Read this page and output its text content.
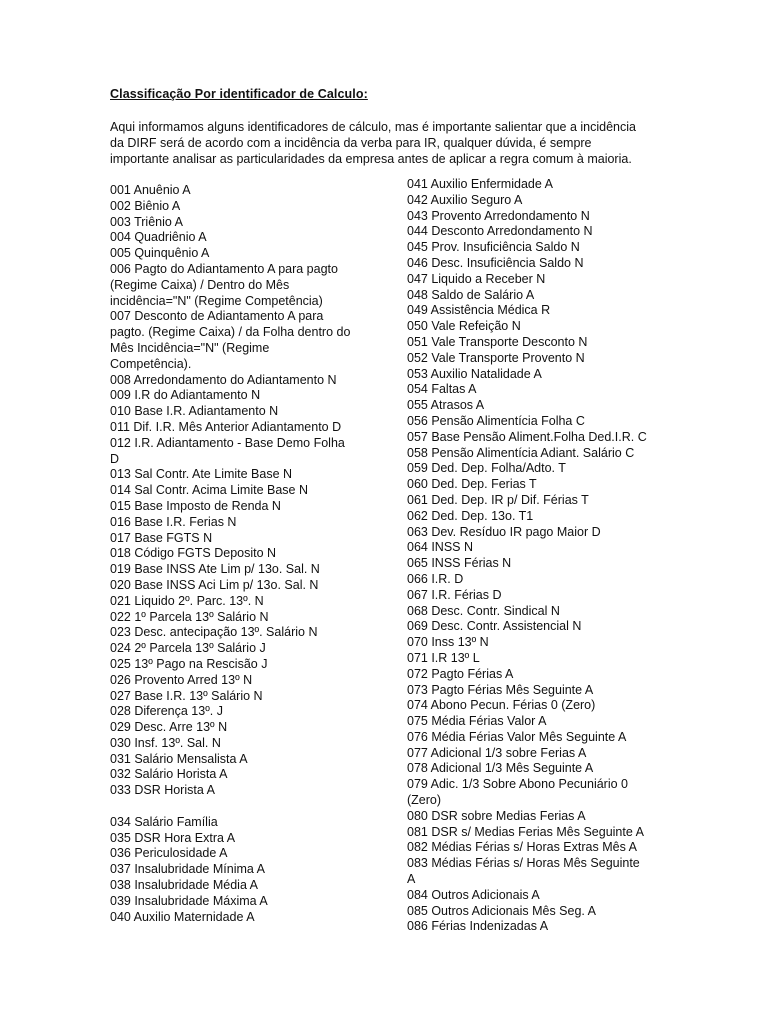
Classificação Por identificador de Calculo:
Aqui informamos alguns identificadores de cálculo, mas é importante salientar que a incidência
da DIRF será de acordo com a incidência da verba para IR, qualquer dúvida, é sempre
importante analisar as particularidades da empresa antes de aplicar a regra comum à maioria.
001 Anuênio A
002 Biênio A
003 Triênio A
004 Quadriênio A
005 Quinquênio A
006 Pagto do Adiantamento A para pagto
(Regime Caixa) / Dentro do Mês
incidência="N" (Regime Competência)
007 Desconto de Adiantamento A para
pagto. (Regime Caixa) / da Folha dentro do
Mês Incidência="N" (Regime
Competência).
008 Arredondamento do Adiantamento N
009 I.R do Adiantamento N
010 Base I.R. Adiantamento N
011 Dif. I.R. Mês Anterior Adiantamento D
012 I.R. Adiantamento - Base Demo Folha
D
013 Sal Contr. Ate Limite Base N
014 Sal Contr. Acima Limite Base N
015 Base Imposto de Renda N
016 Base I.R. Ferias N
017 Base FGTS N
018 Código FGTS Deposito N
019 Base INSS Ate Lim p/ 13o. Sal. N
020 Base INSS Aci Lim p/ 13o. Sal. N
021 Liquido 2º. Parc. 13º. N
022 1º Parcela 13º Salário N
023 Desc. antecipação 13º. Salário N
024 2º Parcela 13º Salário J
025 13º Pago na Rescisão J
026 Provento Arred 13º N
027 Base I.R. 13º Salário N
028 Diferença 13º. J
029 Desc. Arre 13º N
030 Insf. 13º. Sal. N
031 Salário Mensalista A
032 Salário Horista A
033 DSR Horista A
034 Salário Família
035 DSR Hora Extra A
036 Periculosidade A
037 Insalubridade Mínima A
038 Insalubridade Média A
039 Insalubridade Máxima A
040 Auxilio Maternidade A
041 Auxilio Enfermidade A
042 Auxilio Seguro A
043 Provento Arredondamento N
044 Desconto Arredondamento N
045 Prov. Insuficiência Saldo N
046 Desc. Insuficiência Saldo N
047 Liquido a Receber N
048 Saldo de Salário A
049 Assistência Médica R
050 Vale Refeição N
051 Vale Transporte Desconto N
052 Vale Transporte Provento N
053 Auxilio Natalidade A
054 Faltas A
055 Atrasos A
056 Pensão Alimentícia Folha C
057 Base Pensão Aliment.Folha Ded.I.R. C
058 Pensão Alimentícia Adiant. Salário C
059 Ded. Dep. Folha/Adto. T
060 Ded. Dep. Ferias T
061 Ded. Dep. IR p/ Dif. Férias T
062 Ded. Dep. 13o. T1
063 Dev. Resíduo IR pago Maior D
064 INSS N
065 INSS Férias N
066 I.R. D
067 I.R. Férias D
068 Desc. Contr. Sindical N
069 Desc. Contr. Assistencial N
070 Inss 13º N
071 I.R 13º L
072 Pagto Férias A
073 Pagto Férias Mês Seguinte A
074 Abono Pecun. Férias 0 (Zero)
075 Média Férias Valor A
076 Média Férias Valor Mês Seguinte A
077 Adicional 1/3 sobre Ferias A
078 Adicional 1/3 Mês Seguinte A
079 Adic. 1/3 Sobre Abono Pecuniário 0
(Zero)
080 DSR sobre Medias Ferias A
081 DSR s/ Medias Ferias Mês Seguinte A
082 Médias Férias s/ Horas Extras Mês A
083 Médias Férias s/ Horas Mês Seguinte
A
084 Outros Adicionais A
085 Outros Adicionais Mês Seg. A
086 Férias Indenizadas A
